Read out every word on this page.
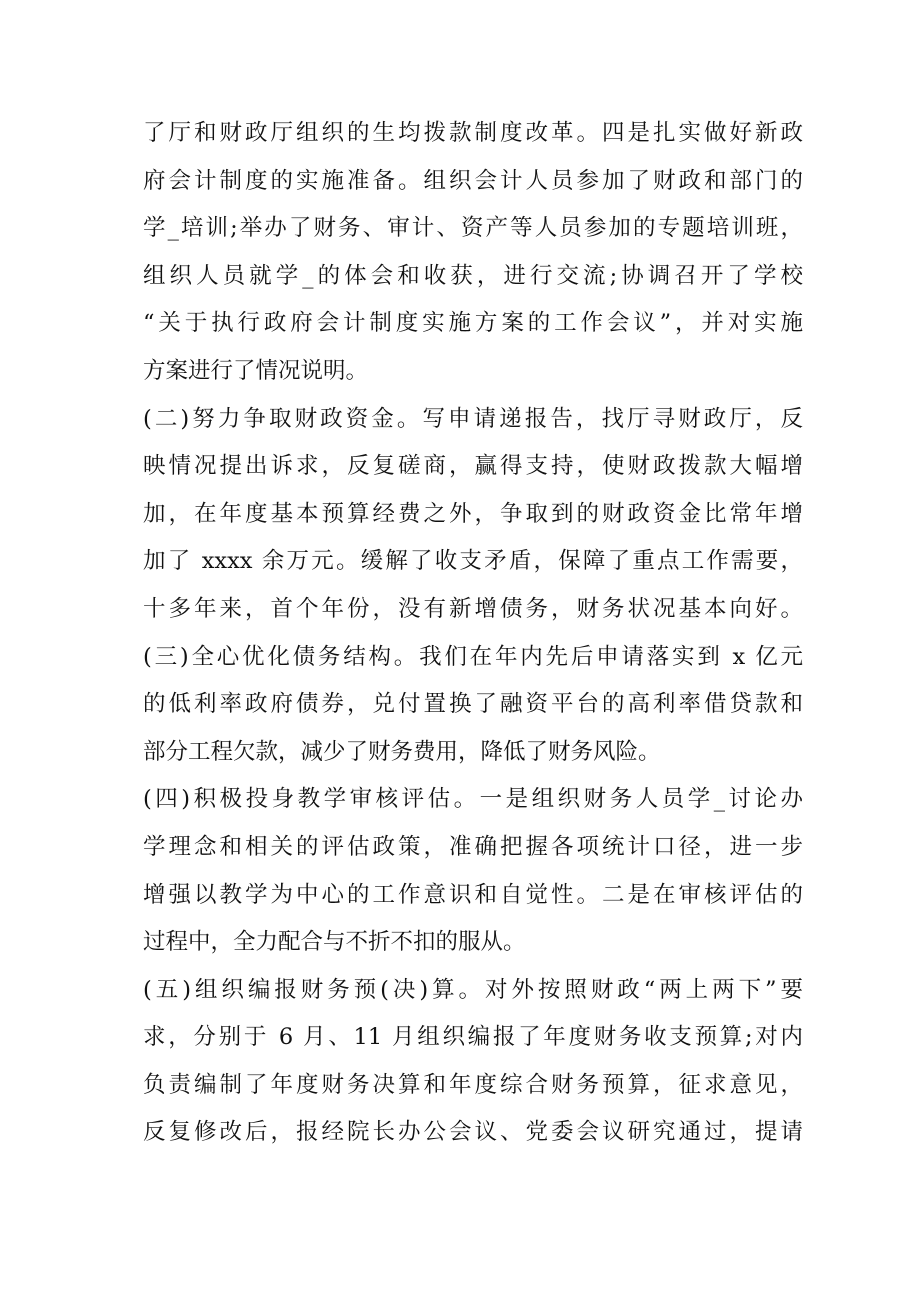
了厅和财政厅组织的生均拨款制度改革。四是扎实做好新政
府会计制度的实施准备。组织会计人员参加了财政和部门的
学_培训;举办了财务、审计、资产等人员参加的专题培训班，
组织人员就学_的体会和收获，进行交流;协调召开了学校
“关于执行政府会计制度实施方案的工作会议”，并对实施
方案进行了情况说明。
(二)努力争取财政资金。写申请递报告，找厅寻财政厅，反
映情况提出诉求，反复磋商，赢得支持，使财政拨款大幅增
加，在年度基本预算经费之外，争取到的财政资金比常年增
加了 xxxx 余万元。缓解了收支矛盾，保障了重点工作需要，
十多年来，首个年份，没有新增债务，财务状况基本向好。
(三)全心优化债务结构。我们在年内先后申请落实到 x 亿元
的低利率政府债券，兑付置换了融资平台的高利率借贷款和
部分工程欠款，减少了财务费用，降低了财务风险。
(四)积极投身教学审核评估。一是组织财务人员学_讨论办
学理念和相关的评估政策，准确把握各项统计口径，进一步
增强以教学为中心的工作意识和自觉性。二是在审核评估的
过程中，全力配合与不折不扣的服从。
(五)组织编报财务预(决)算。对外按照财政“两上两下”要
求，分别于 6 月、11 月组织编报了年度财务收支预算;对内
负责编制了年度财务决算和年度综合财务预算，征求意见，
反复修改后，报经院长办公会议、党委会议研究通过，提请
